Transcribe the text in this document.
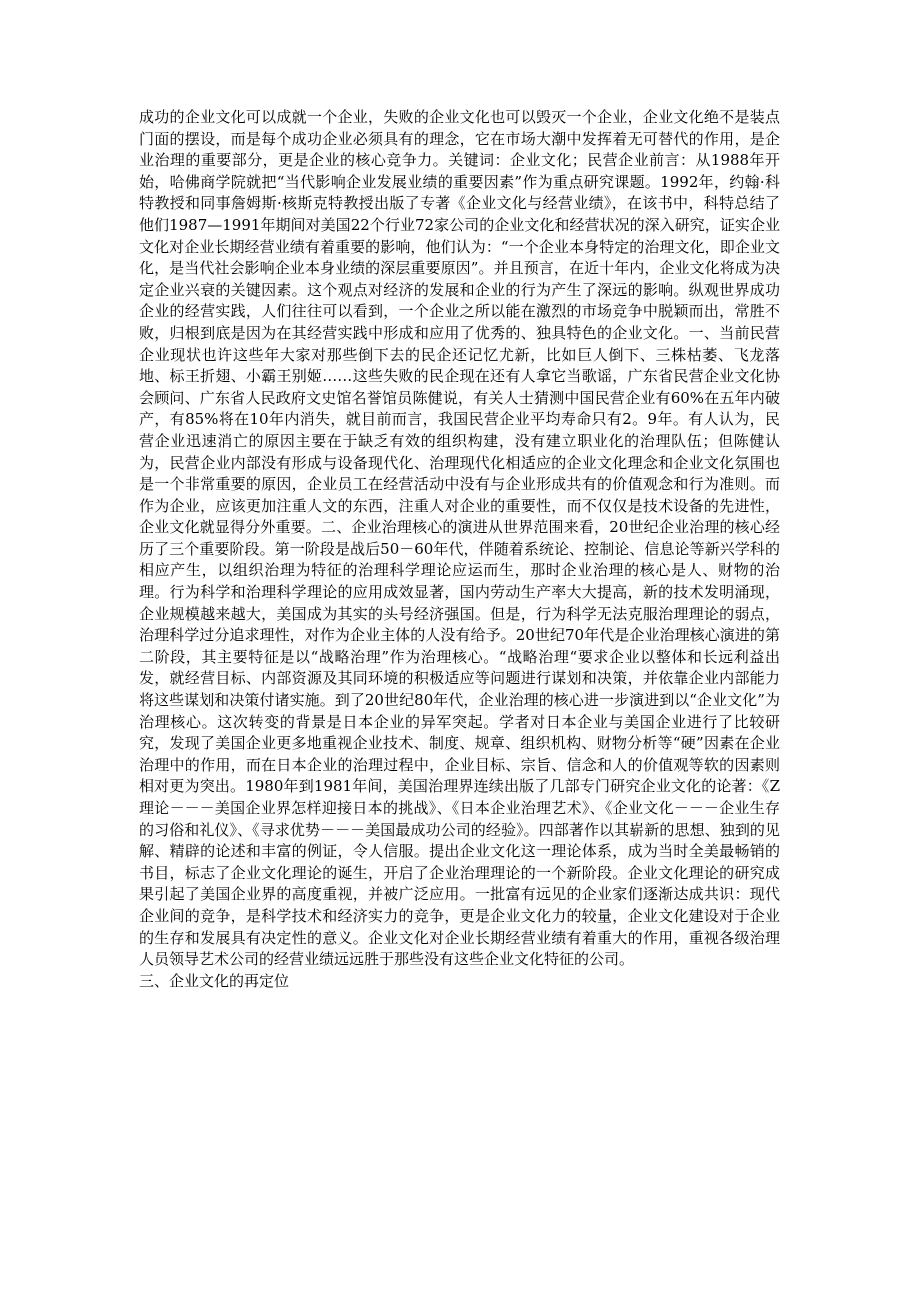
成功的企业文化可以成就一个企业，失败的企业文化也可以毁灭一个企业，企业文化绝不是装点门面的摆设，而是每个成功企业必须具有的理念，它在市场大潮中发挥着无可替代的作用，是企业治理的重要部分，更是企业的核心竞争力。关键词：企业文化；民营企业前言：从1988年开始，哈佛商学院就把“当代影响企业发展业绩的重要因素”作为重点研究课题。1992年，约翰·科特教授和同事詹姆斯·核斯克特教授出版了专著《企业文化与经营业绩》，在该书中，科特总结了他们1987—1991年期间对美国22个行业72家公司的企业文化和经营状况的深入研究，证实企业文化对企业长期经营业绩有着重要的影响，他们认为：“一个企业本身特定的治理文化，即企业文化，是当代社会影响企业本身业绩的深层重要原因”。并且预言，在近十年内，企业文化将成为决定企业兴衰的关键因素。这个观点对经济的发展和企业的行为产生了深远的影响。纵观世界成功企业的经营实践，人们往往可以看到，一个企业之所以能在激烈的市场竞争中脱颖而出，常胜不败，归根到底是因为在其经营实践中形成和应用了优秀的、独具特色的企业文化。一、当前民营企业现状也许这些年大家对那些倒下去的民企还记忆尤新，比如巨人倒下、三株枯萎、飞龙落地、标王折翅、小霸王别姬……这些失败的民企现在还有人拿它当歌谣，广东省民营企业文化协会顾问、广东省人民政府文史馆名誉馆员陈健说，有关人士猜测中国民营企业有60%在五年内破产，有85%将在10年内消失，就目前而言，我国民营企业平均寿命只有2。9年。有人认为，民营企业迅速消亡的原因主要在于缺乏有效的组织构建，没有建立职业化的治理队伍；但陈健认为，民营企业内部没有形成与设备现代化、治理现代化相适应的企业文化理念和企业文化氛围也是一个非常重要的原因，企业员工在经营活动中没有与企业形成共有的价值观念和行为准则。而作为企业，应该更加注重人文的东西，注重人对企业的重要性，而不仅仅是技术设备的先进性，企业文化就显得分外重要。二、企业治理核心的演进从世界范围来看，20世纪企业治理的核心经历了三个重要阶段。第一阶段是战后50－60年代，伴随着系统论、控制论、信息论等新兴学科的相应产生，以组织治理为特征的治理科学理论应运而生，那时企业治理的核心是人、财物的治理。行为科学和治理科学理论的应用成效显著，国内劳动生产率大大提高，新的技术发明涌现，企业规模越来越大，美国成为其实的头号经济强国。但是，行为科学无法克服治理理论的弱点，治理科学过分追求理性，对作为企业主体的人没有给予。20世纪70年代是企业治理核心演进的第二阶段，其主要特征是以“战略治理”作为治理核心。“战略治理“要求企业以整体和长远利益出发，就经营目标、内部资源及其同环境的积极适应等问题进行谋划和决策，并依靠企业内部能力将这些谋划和决策付诸实施。到了20世纪80年代，企业治理的核心进一步演进到以“企业文化”为治理核心。这次转变的背景是日本企业的异军突起。学者对日本企业与美国企业进行了比较研究，发现了美国企业更多地重视企业技术、制度、规章、组织机构、财物分析等“硬”因素在企业治理中的作用，而在日本企业的治理过程中，企业目标、宗旨、信念和人的价值观等软的因素则相对更为突出。1980年到1981年间，美国治理界连续出版了几部专门研究企业文化的论著：《Z理论－－－美国企业界怎样迎接日本的挑战》、《日本企业治理艺术》、《企业文化－－－企业生存的习俗和礼仪》、《寻求优势－－－美国最成功公司的经验》。四部著作以其崭新的思想、独到的见解、精辟的论述和丰富的例证，令人信服。提出企业文化这一理论体系，成为当时全美最畅销的书目，标志了企业文化理论的诞生，开启了企业治理理论的一个新阶段。企业文化理论的研究成果引起了美国企业界的高度重视，并被广泛应用。一批富有远见的企业家们逐渐达成共识：现代企业间的竞争，是科学技术和经济实力的竞争，更是企业文化力的较量，企业文化建设对于企业的生存和发展具有决定性的意义。企业文化对企业长期经营业绩有着重大的作用，重视各级治理人员领导艺术公司的经营业绩远远胜于那些没有这些企业文化特征的公司。

三、企业文化的再定位
